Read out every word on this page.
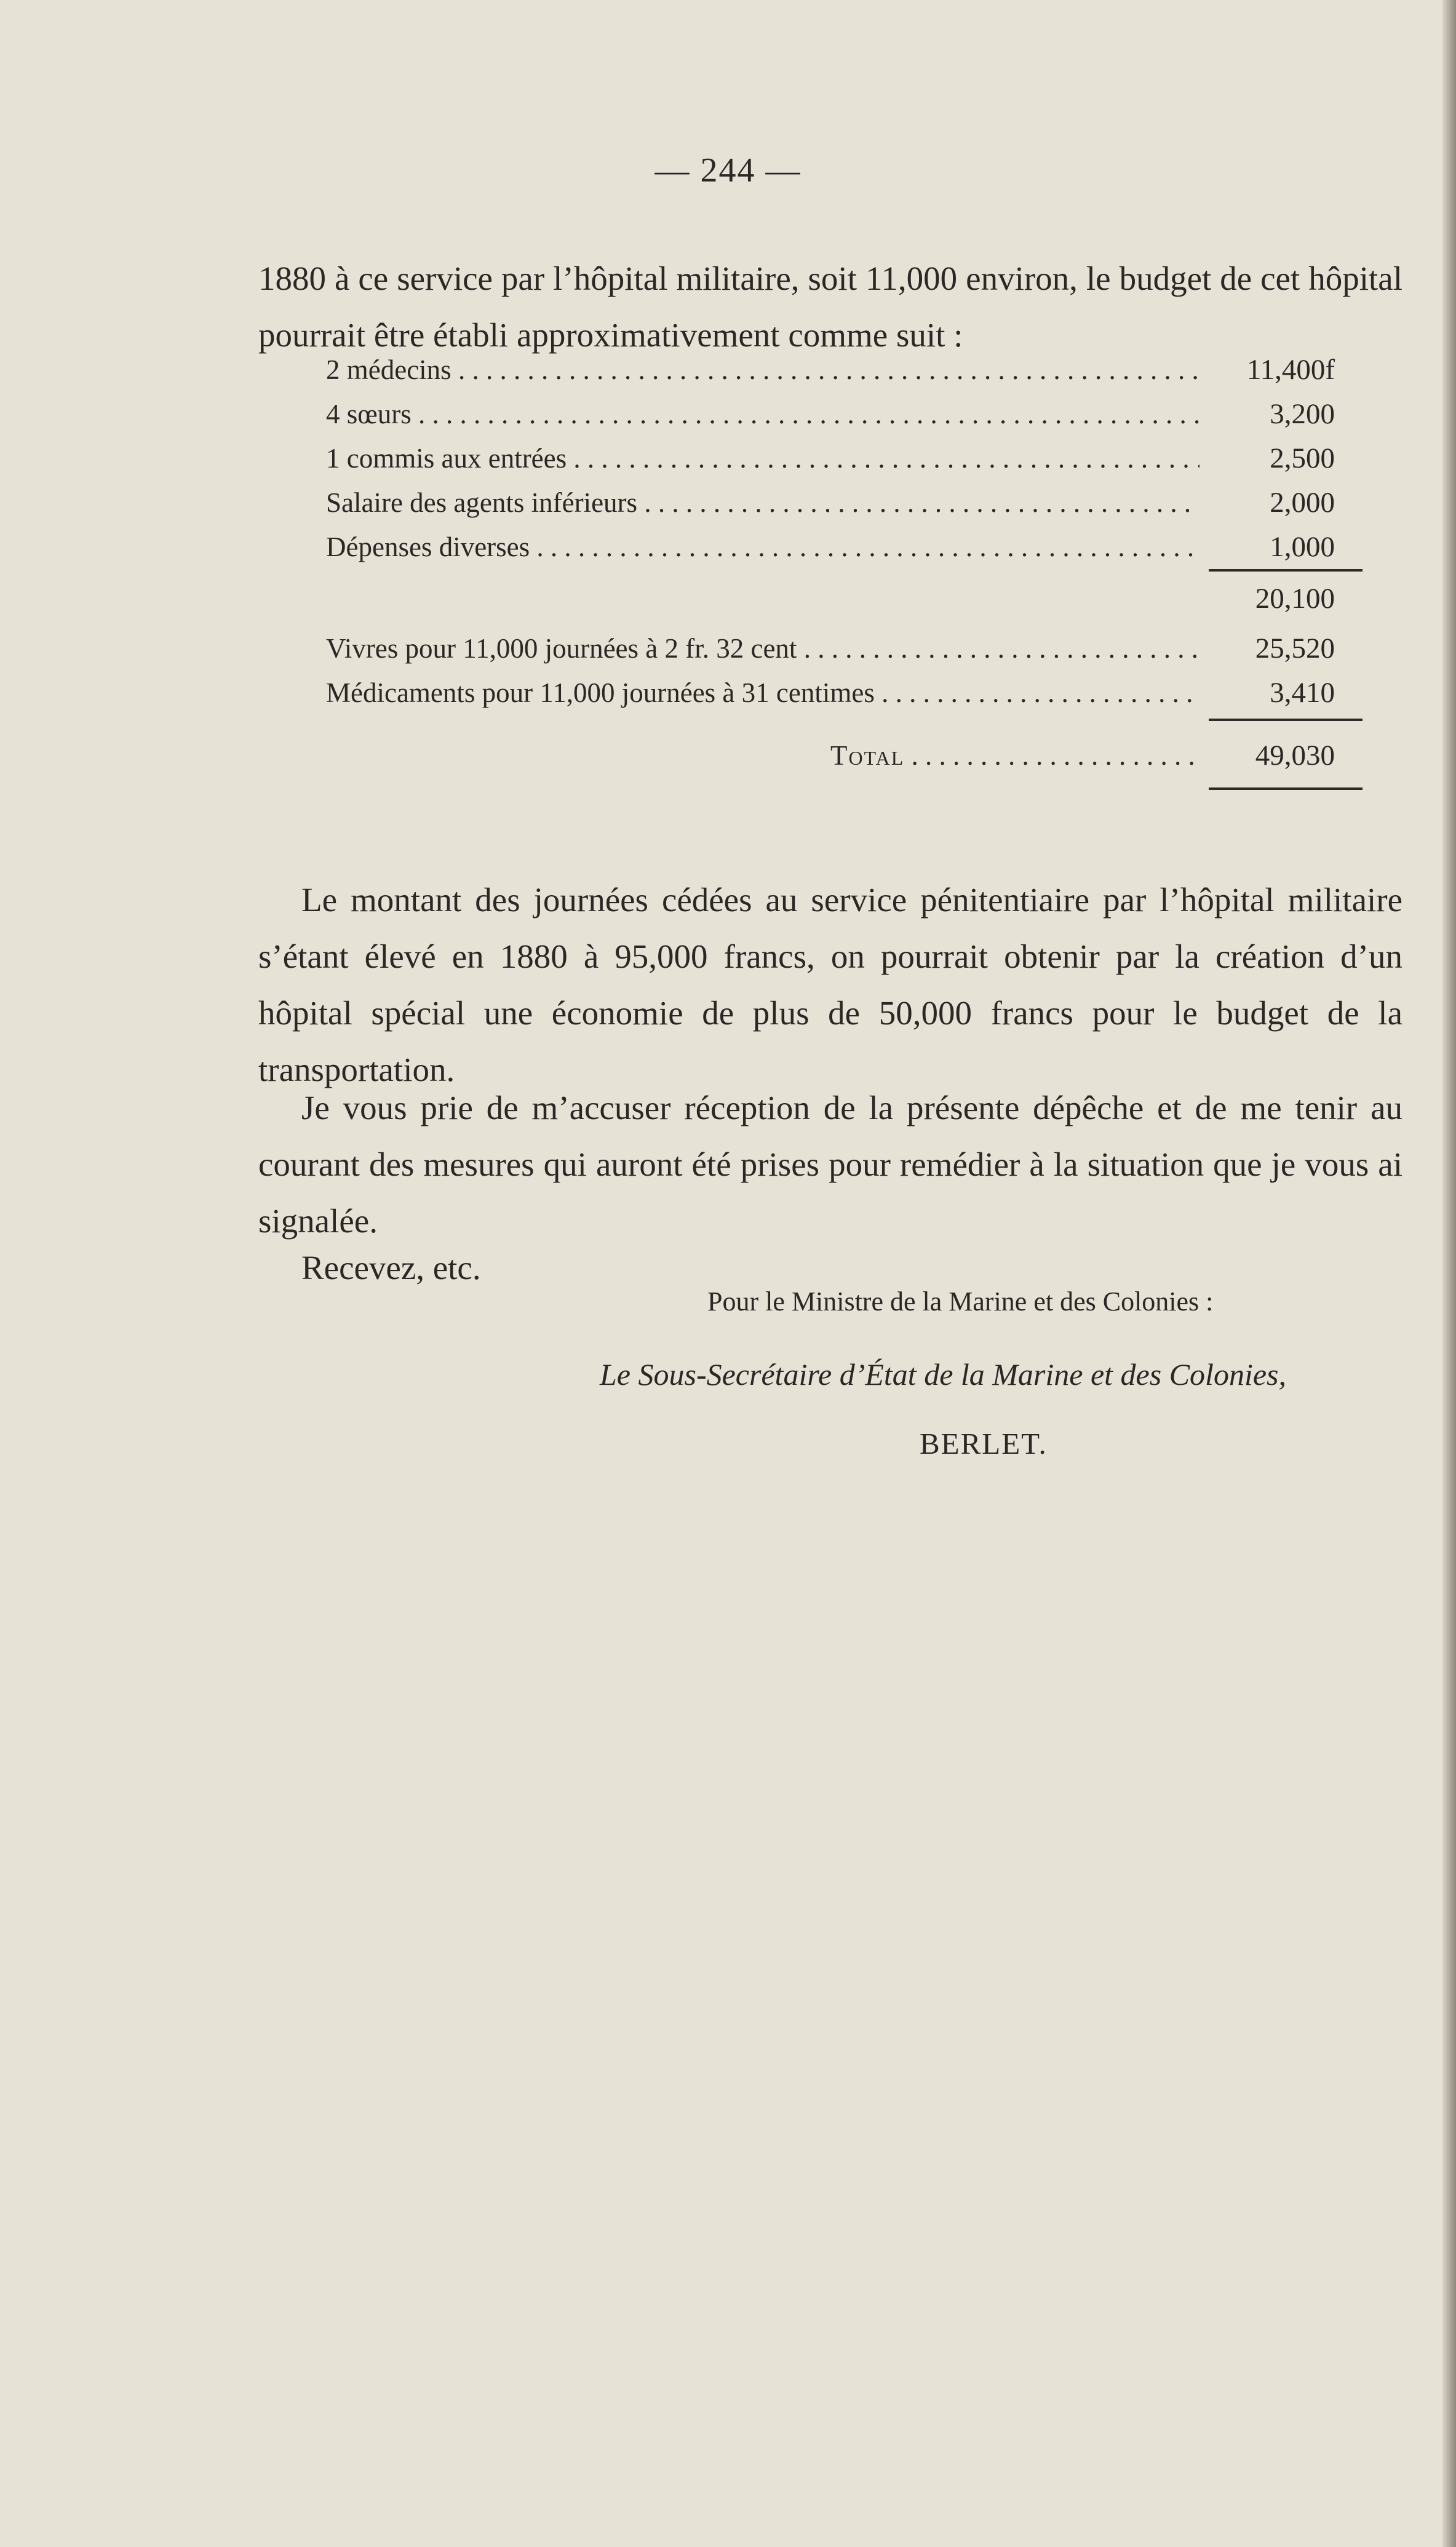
— 244 —

1880 à ce service par l’hôpital militaire, soit 11,000 environ, le budget de cet hôpital pourrait être établi approximativement comme suit :

2 médecins . . .	11,400f
4 sœurs . . .	3,200
1 commis aux entrées . . .	2,500
Salaire des agents inférieurs . . .	2,000
Dépenses diverses . . .	1,000
20,100
Vivres pour 11,000 journées à 2 fr. 32 cent . . .	25,520
Médicaments pour 11,000 journées à 31 centimes . . .	3,410
Total . . .	49,030

Le montant des journées cédées au service pénitentiaire par l’hôpital militaire s’étant élevé en 1880 à 95,000 francs, on pourrait obtenir par la création d’un hôpital spécial une économie de plus de 50,000 francs pour le budget de la transportation.

Je vous prie de m’accuser réception de la présente dépêche et de me tenir au courant des mesures qui auront été prises pour remédier à la situation que je vous ai signalée.

Recevez, etc.

Pour le Ministre de la Marine et des Colonies :
Le Sous-Secrétaire d’État de la Marine et des Colonies,
BERLET.
